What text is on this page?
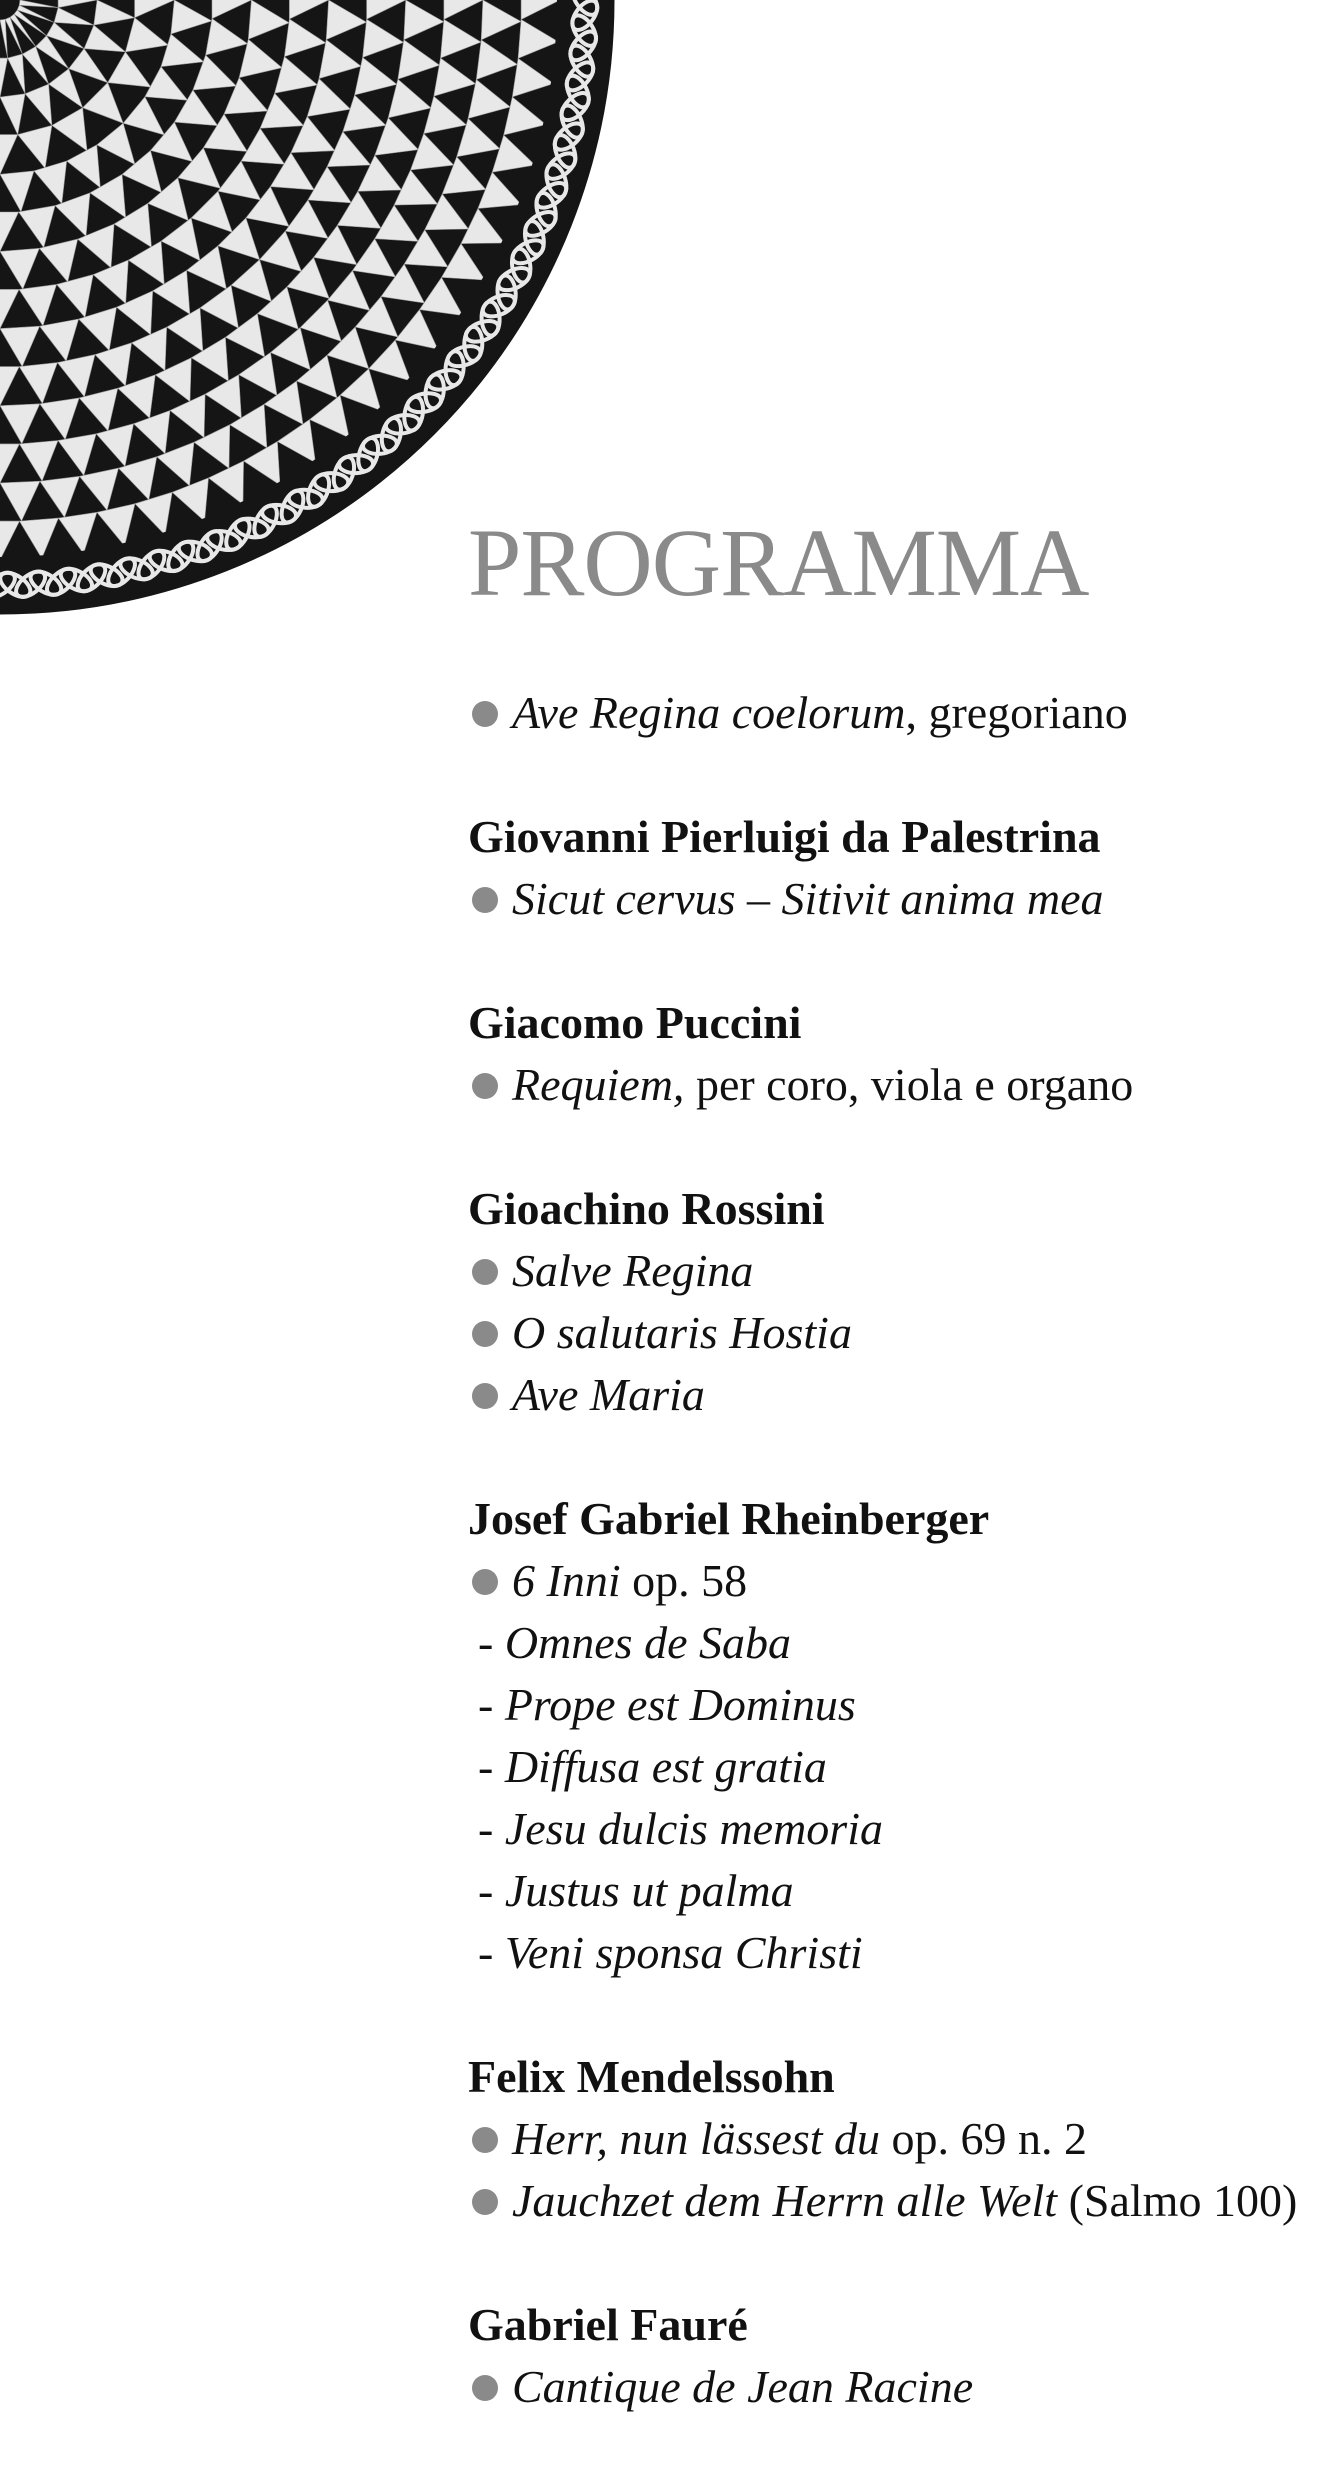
PROGRAMMA
Ave Regina coelorum, gregoriano
Giovanni Pierluigi da Palestrina
Sicut cervus – Sitivit anima mea
Giacomo Puccini
Requiem, per coro, viola e organo
Gioachino Rossini
Salve Regina
O salutaris Hostia
Ave Maria
Josef Gabriel Rheinberger
6 Inni op. 58
- Omnes de Saba
- Prope est Dominus
- Diffusa est gratia
- Jesu dulcis memoria
- Justus ut palma
- Veni sponsa Christi
Felix Mendelssohn
Herr, nun lässest du op. 69 n. 2
Jauchzet dem Herrn alle Welt (Salmo 100)
Gabriel Fauré
Cantique de Jean Racine
